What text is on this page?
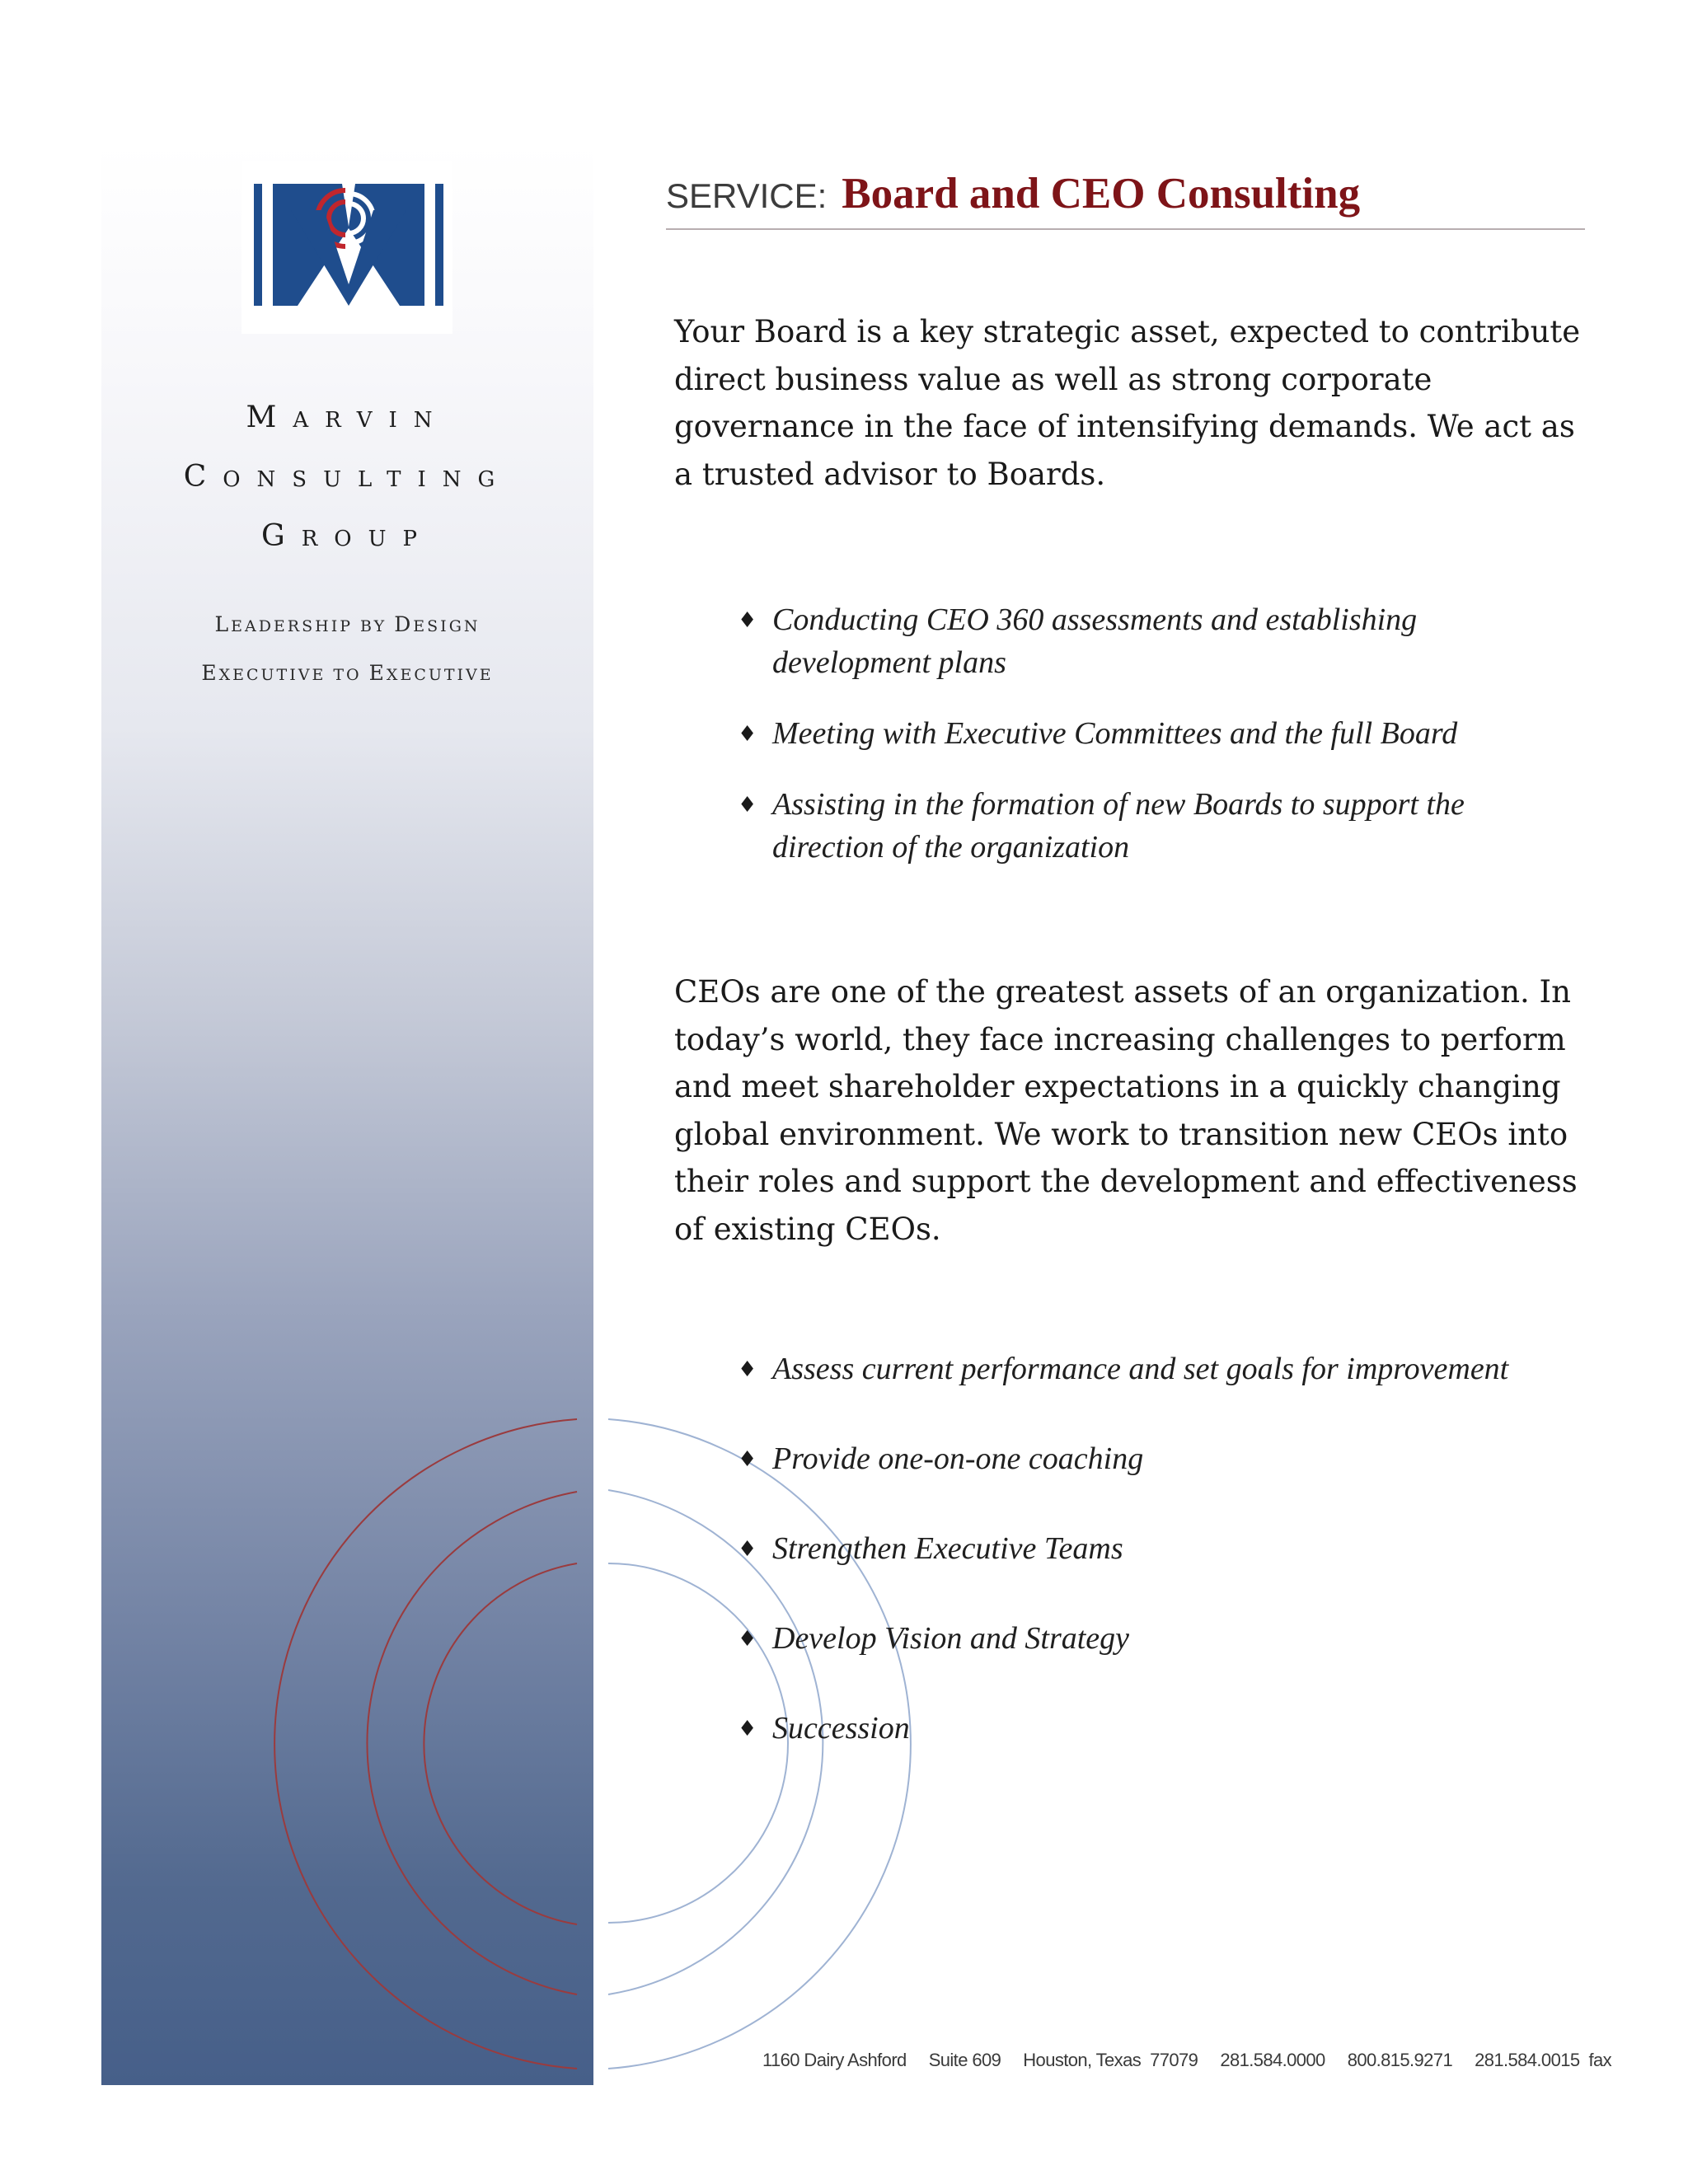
MARVIN
CONSULTING
GROUP
LEADERSHIP BY DESIGN
EXECUTIVE TO EXECUTIVE
SERVICE: Board and CEO Consulting

Your Board is a key strategic asset, expected to contribute direct business value as well as strong corporate governance in the face of intensifying demands. We act as a trusted advisor to Boards.

♦ Conducting CEO 360 assessments and establishing development plans
♦ Meeting with Executive Committees and the full Board
♦ Assisting in the formation of new Boards to support the direction of the organization

CEOs are one of the greatest assets of an organization. In today’s world, they face increasing challenges to perform and meet shareholder expectations in a quickly changing global environment. We work to transition new CEOs into their roles and support the development and effectiveness of existing CEOs.

♦ Assess current performance and set goals for improvement
♦ Provide one-on-one coaching
♦ Strengthen Executive Teams
♦ Develop Vision and Strategy
♦ Succession
1160 Dairy Ashford Suite 609 Houston, Texas  77079 281.584.0000 800.815.9271 281.584.0015  fax
